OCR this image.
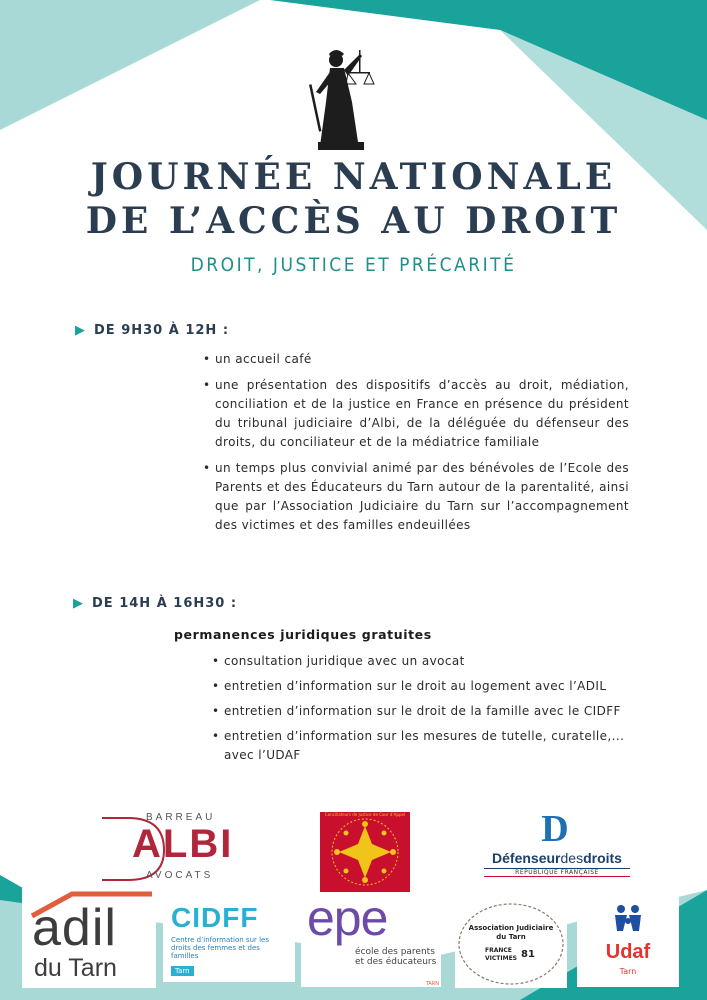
JOURNÉE NATIONALE
DE L’ACCÈS AU DROIT
DROIT, JUSTICE ET PRÉCARITÉ
▶ DE 9H30 À 12H :
• un accueil café
• une présentation des dispositifs d’accès au droit, médiation, conciliation et de la justice en France en présence du président du tribunal judiciaire d’Albi, de la déléguée du défenseur des droits, du conciliateur et de la médiatrice familiale
• un temps plus convivial animé par des bénévoles de l’Ecole des Parents et des Éducateurs du Tarn autour de la parentalité, ainsi que par l’Association Judiciaire du Tarn sur l’accompagnement des victimes et des familles endeuillées
▶ DE 14H À 16H30 :
permanences juridiques gratuites
• consultation juridique avec un avocat
• entretien d’information sur le droit au logement avec l’ADIL
• entretien d’information sur le droit de la famille avec le CIDFF
• entretien d’information sur les mesures de tutelle, curatelle,... avec l’UDAF
BARREAU
ALBI
AVOCATS
Conciliateurs de Justice de Cour d’Appel	D
Défenseurdesdroits
RÉPUBLIQUE FRANÇAISE
adil
du Tarn
CIDFF
Centre d’information sur les droits des femmes et des familles
Tarn
epe
école des parents et des éducateurs
TARN
Association Judiciaire
du Tarn
FRANCE
VICTIMES 81	Udaf
Tarn
